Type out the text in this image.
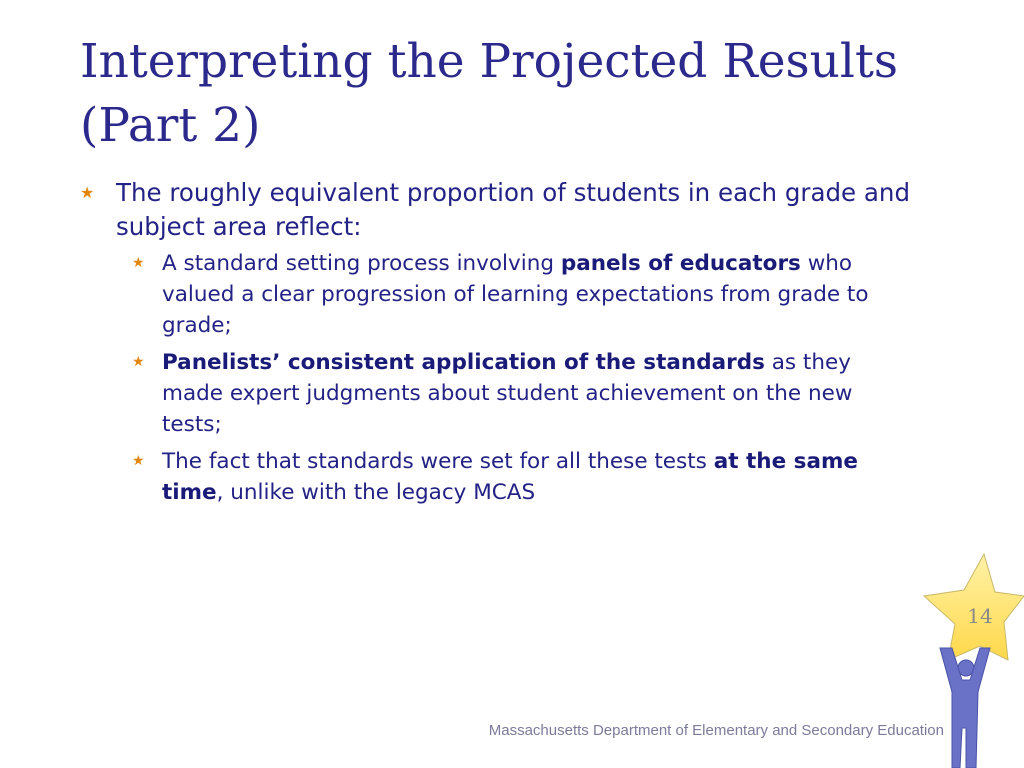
Interpreting the Projected Results
(Part 2)
★ The roughly equivalent proportion of students in each grade and subject area reflect:
★ A standard setting process involving panels of educators who valued a clear progression of learning expectations from grade to grade;
★ Panelists’ consistent application of the standards as they made expert judgments about student achievement on the new tests;
★ The fact that standards were set for all these tests at the same time, unlike with the legacy MCAS
14
Massachusetts Department of Elementary and Secondary Education
